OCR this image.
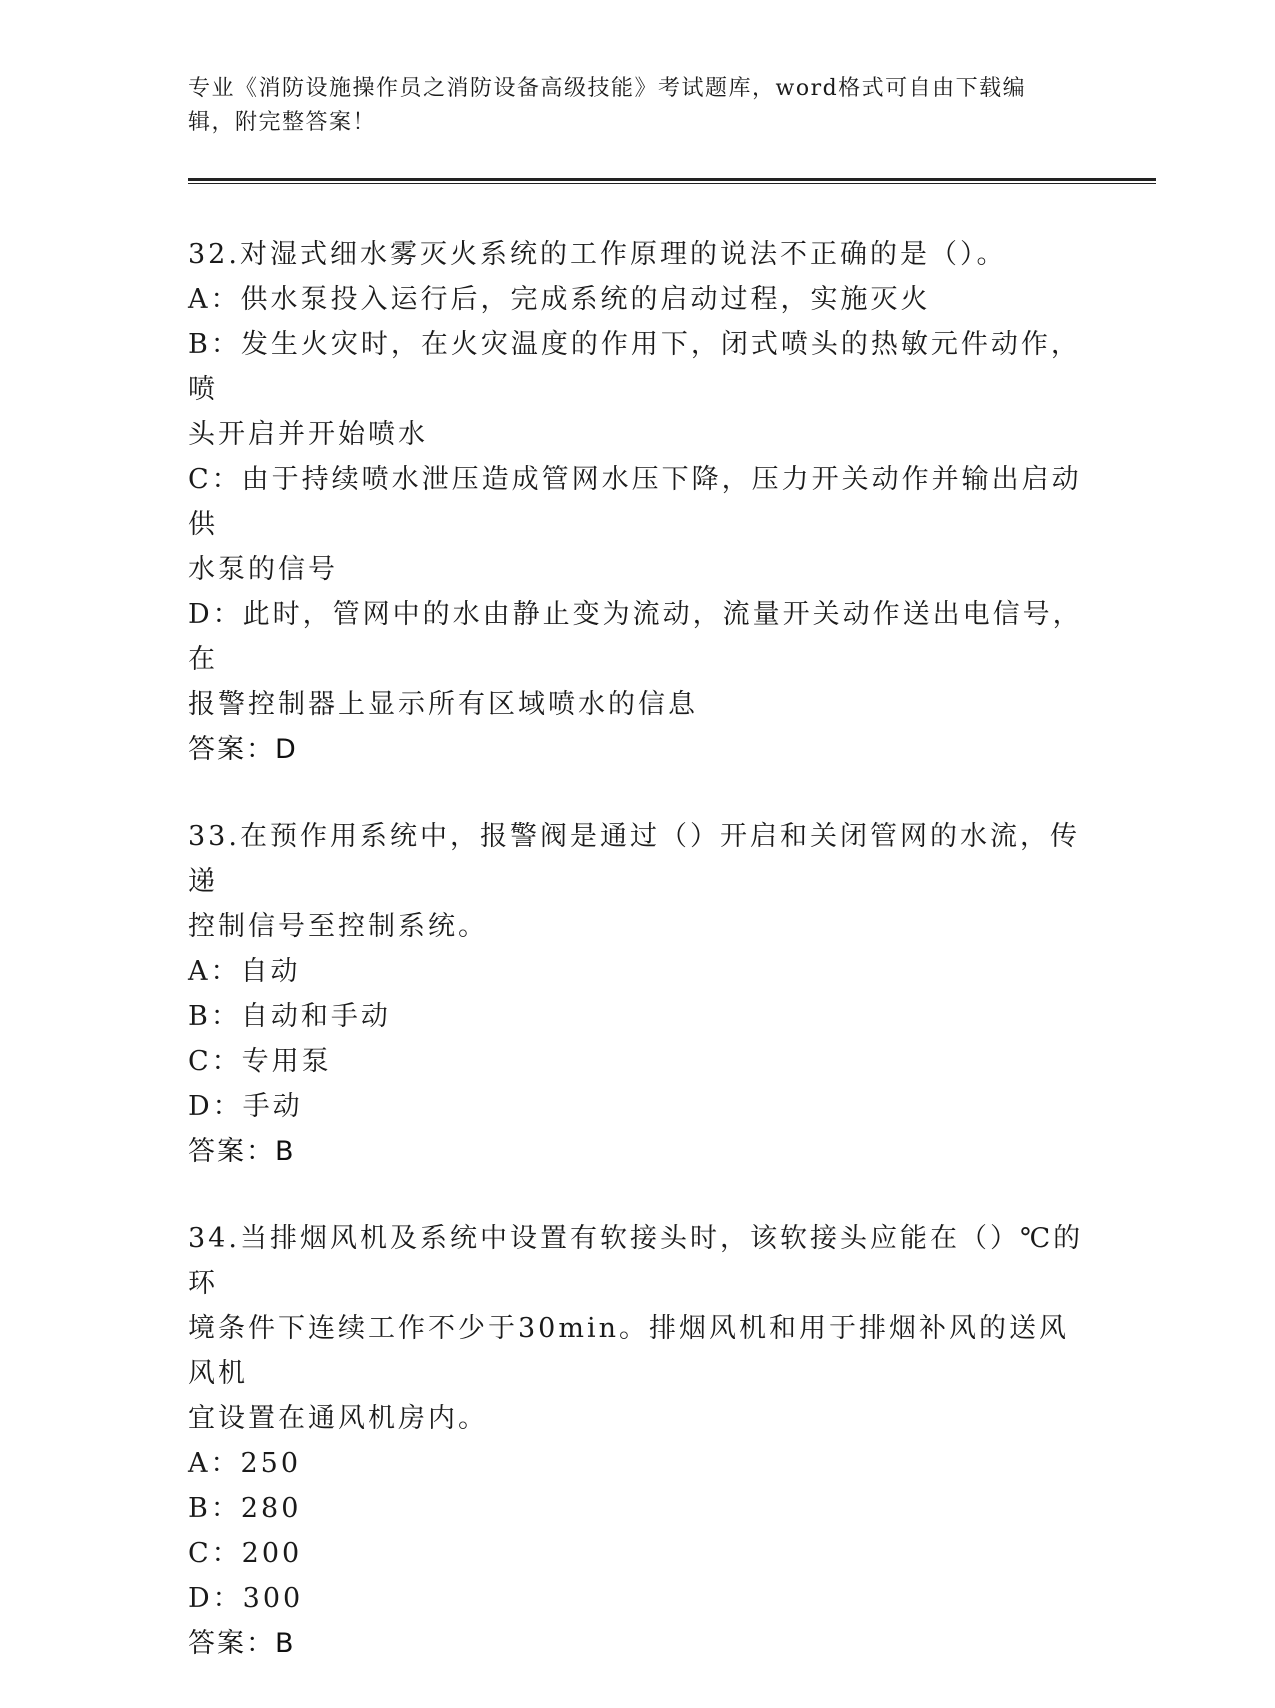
专业《消防设施操作员之消防设备高级技能》考试题库，word格式可自由下载编
辑，附完整答案！
32.对湿式细水雾灭火系统的工作原理的说法不正确的是（）。
A：供水泵投入运行后，完成系统的启动过程，实施灭火
B：发生火灾时，在火灾温度的作用下，闭式喷头的热敏元件动作，喷
头开启并开始喷水
C：由于持续喷水泄压造成管网水压下降，压力开关动作并输出启动供
水泵的信号
D：此时，管网中的水由静止变为流动，流量开关动作送出电信号，在
报警控制器上显示所有区域喷水的信息
答案：D
33.在预作用系统中，报警阀是通过（）开启和关闭管网的水流，传递
控制信号至控制系统。
A：自动
B：自动和手动
C：专用泵
D：手动
答案：B
34.当排烟风机及系统中设置有软接头时，该软接头应能在（）℃的环
境条件下连续工作不少于30min。排烟风机和用于排烟补风的送风风机
宜设置在通风机房内。
A：250
B：280
C：200
D：300
答案：B
